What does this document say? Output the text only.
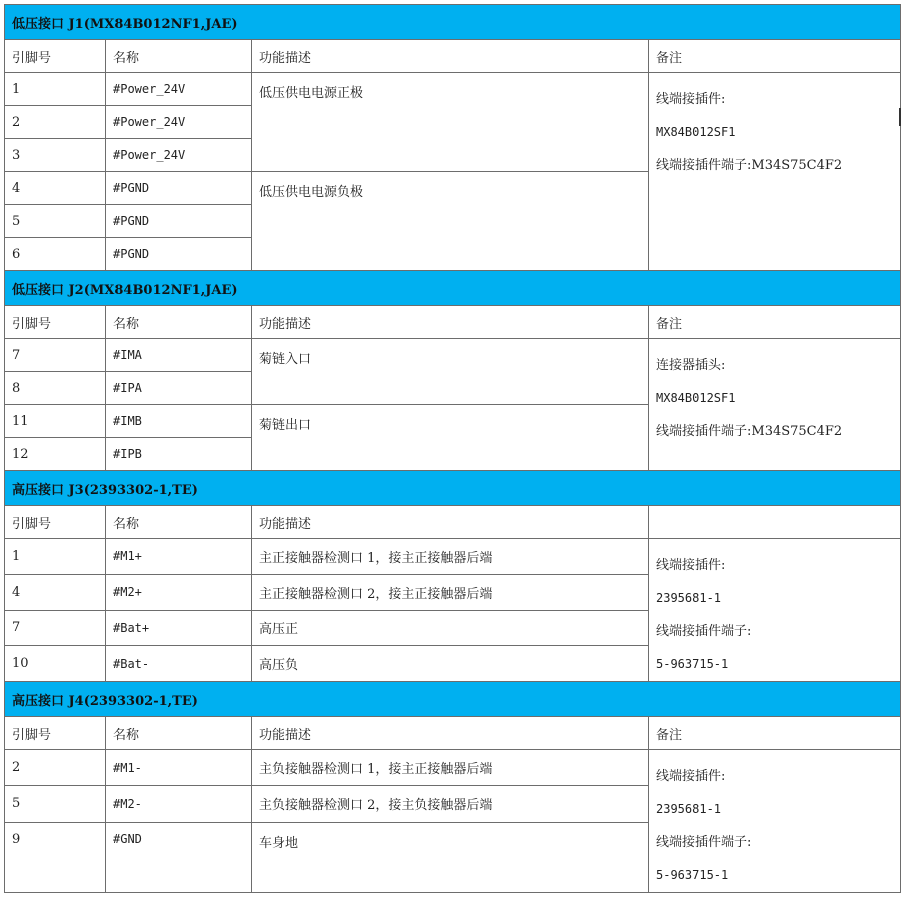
低压接口 J1(MX84B012NF1,JAE)			
引脚号	名称	功能描述	备注
1	#Power_24V	低压供电电源正极	线端接插件:
MX84B012SF1
线端接插件端子:M34S75C4F2

2	#Power_24V		
3	#Power_24V		
4	#PGND	低压供电电源负极	
5	#PGND		
6	#PGND		
低压接口 J2(MX84B012NF1,JAE)			
引脚号	名称	功能描述	备注
7	#IMA	菊链入口	连接器插头:
MX84B012SF1
线端接插件端子:M34S75C4F2

8	#IPA		
11	#IMB	菊链出口	
12	#IPB		
高压接口 J3(2393302-1,TE)			
引脚号	名称	功能描述	
1	#M1+	主正接触器检测口 1，接主正接触器后端	线端接插件:
2395681-1
线端接插件端子:
5-963715-1

4	#M2+	主正接触器检测口 2，接主正接触器后端	
7	#Bat+	高压正	
10	#Bat-	高压负	
高压接口 J4(2393302-1,TE)			
引脚号	名称	功能描述	备注
2	#M1-	主负接触器检测口 1，接主正接触器后端	线端接插件:
2395681-1
线端接插件端子:
5-963715-1

5	#M2-	主负接触器检测口 2，接主负接触器后端	
9	#GND	车身地	
